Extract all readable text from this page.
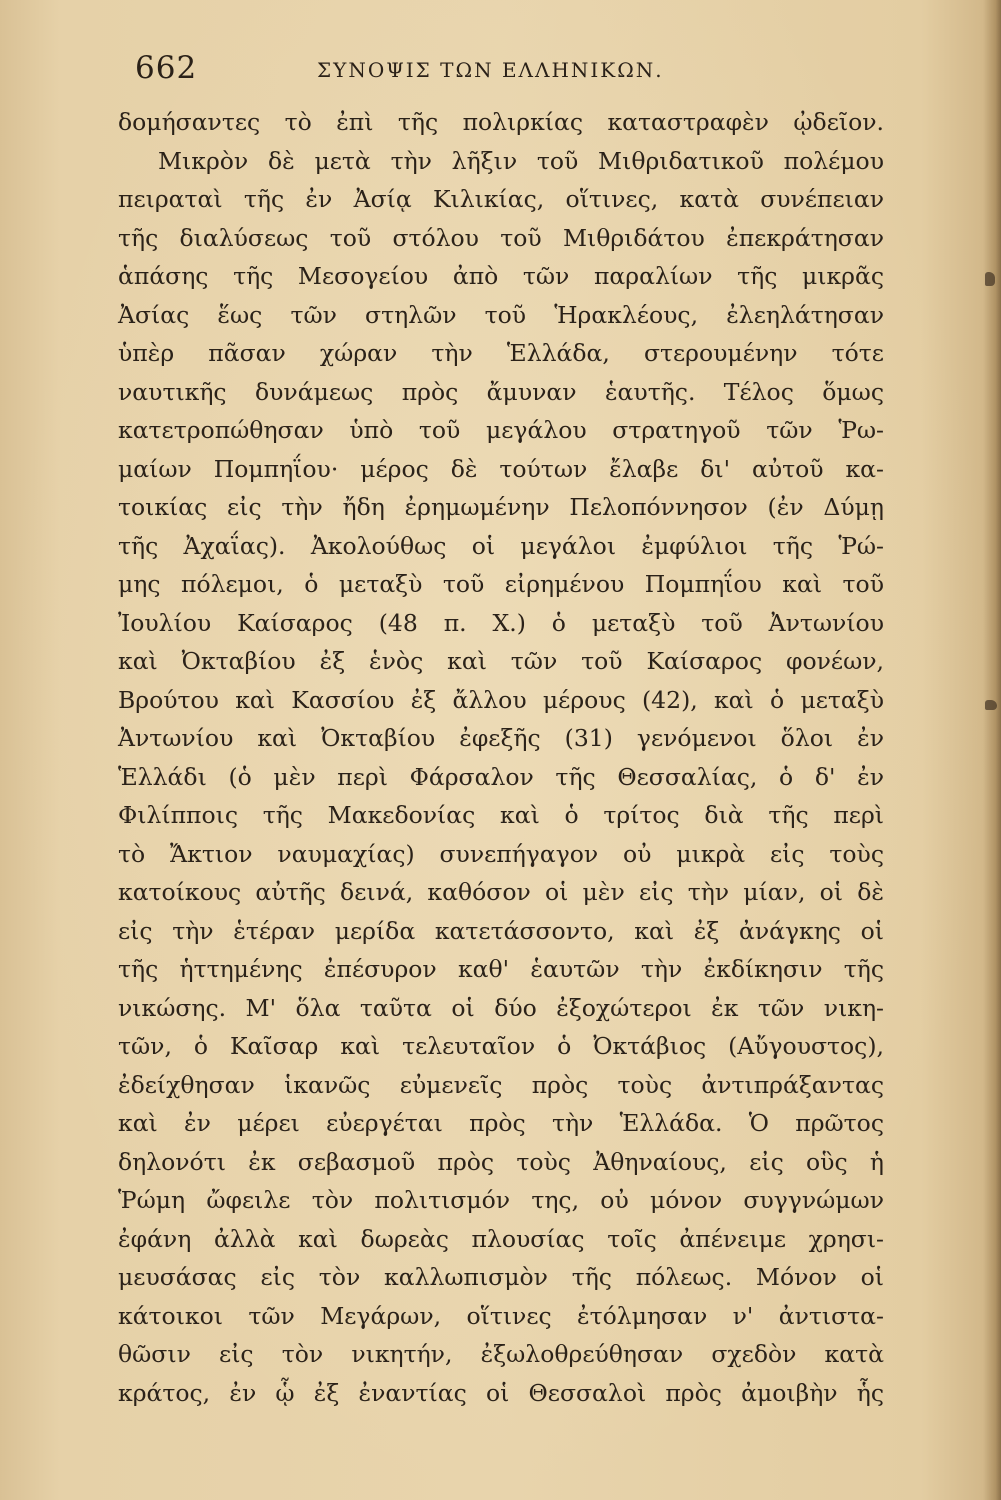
662	ΣΥΝΟΨΙΣ ΤΩΝ ΕΛΛΗΝΙΚΩΝ.
δομήσαντες τὸ ἐπὶ τῆς πολιρκίας καταστραφὲν ᾠδεῖον.
Μικρὸν δὲ μετὰ τὴν λῆξιν τοῦ Μιθριδατικοῦ πολέμου
πειραταὶ τῆς ἐν Ἀσίᾳ Κιλικίας, οἵτινες, κατὰ συνέπειαν
τῆς διαλύσεως τοῦ στόλου τοῦ Μιθριδάτου ἐπεκράτησαν
ἁπάσης τῆς Μεσογείου ἀπὸ τῶν παραλίων τῆς μικρᾶς
Ἀσίας ἕως τῶν στηλῶν τοῦ Ἡρακλέους, ἐλεηλάτησαν
ὑπὲρ πᾶσαν χώραν τὴν Ἑλλάδα, στερουμένην τότε
ναυτικῆς δυνάμεως πρὸς ἄμυναν ἑαυτῆς. Τέλος ὅμως
κατετροπώθησαν ὑπὸ τοῦ μεγάλου στρατηγοῦ τῶν Ῥω-
μαίων Πομπηΐου· μέρος δὲ τούτων ἔλαβε δι' αὐτοῦ κα-
τοικίας εἰς τὴν ἤδη ἐρημωμένην Πελοπόννησον (ἐν Δύμῃ
τῆς Ἀχαΐας). Ἀκολούθως οἱ μεγάλοι ἐμφύλιοι τῆς Ῥώ-
μης πόλεμοι, ὁ μεταξὺ τοῦ εἰρημένου Πομπηΐου καὶ τοῦ
Ἰουλίου Καίσαρος (48 π. Χ.) ὁ μεταξὺ τοῦ Ἀντωνίου
καὶ Ὀκταβίου ἐξ ἑνὸς καὶ τῶν τοῦ Καίσαρος φονέων,
Βρούτου καὶ Κασσίου ἐξ ἄλλου μέρους (42), καὶ ὁ μεταξὺ
Ἀντωνίου καὶ Ὀκταβίου ἐφεξῆς (31) γενόμενοι ὅλοι ἐν
Ἑλλάδι (ὁ μὲν περὶ Φάρσαλον τῆς Θεσσαλίας, ὁ δ' ἐν
Φιλίπποις τῆς Μακεδονίας καὶ ὁ τρίτος διὰ τῆς περὶ
τὸ Ἄκτιον ναυμαχίας) συνεπήγαγον οὐ μικρὰ εἰς τοὺς
κατοίκους αὐτῆς δεινά, καθόσον οἱ μὲν εἰς τὴν μίαν, οἱ δὲ
εἰς τὴν ἑτέραν μερίδα κατετάσσοντο, καὶ ἐξ ἀνάγκης οἱ
τῆς ἡττημένης ἐπέσυρον καθ' ἑαυτῶν τὴν ἐκδίκησιν τῆς
νικώσης. Μ' ὅλα ταῦτα οἱ δύο ἐξοχώτεροι ἐκ τῶν νικη-
τῶν, ὁ Καῖσαρ καὶ τελευταῖον ὁ Ὀκτάβιος (Αὔγουστος),
ἐδείχθησαν ἱκανῶς εὐμενεῖς πρὸς τοὺς ἀντιπράξαντας
καὶ ἐν μέρει εὐεργέται πρὸς τὴν Ἑλλάδα. Ὁ πρῶτος
δηλονότι ἐκ σεβασμοῦ πρὸς τοὺς Ἀθηναίους, εἰς οὓς ἡ
Ῥώμη ὤφειλε τὸν πολιτισμόν της, οὐ μόνον συγγνώμων
ἐφάνη ἀλλὰ καὶ δωρεὰς πλουσίας τοῖς ἀπένειμε χρησι-
μευσάσας εἰς τὸν καλλωπισμὸν τῆς πόλεως. Μόνον οἱ
κάτοικοι τῶν Μεγάρων, οἵτινες ἐτόλμησαν ν' ἀντιστα-
θῶσιν εἰς τὸν νικητήν, ἐξωλοθρεύθησαν σχεδὸν κατὰ
κράτος, ἐν ᾧ ἐξ ἐναντίας οἱ Θεσσαλοὶ πρὸς ἀμοιβὴν ἧς
